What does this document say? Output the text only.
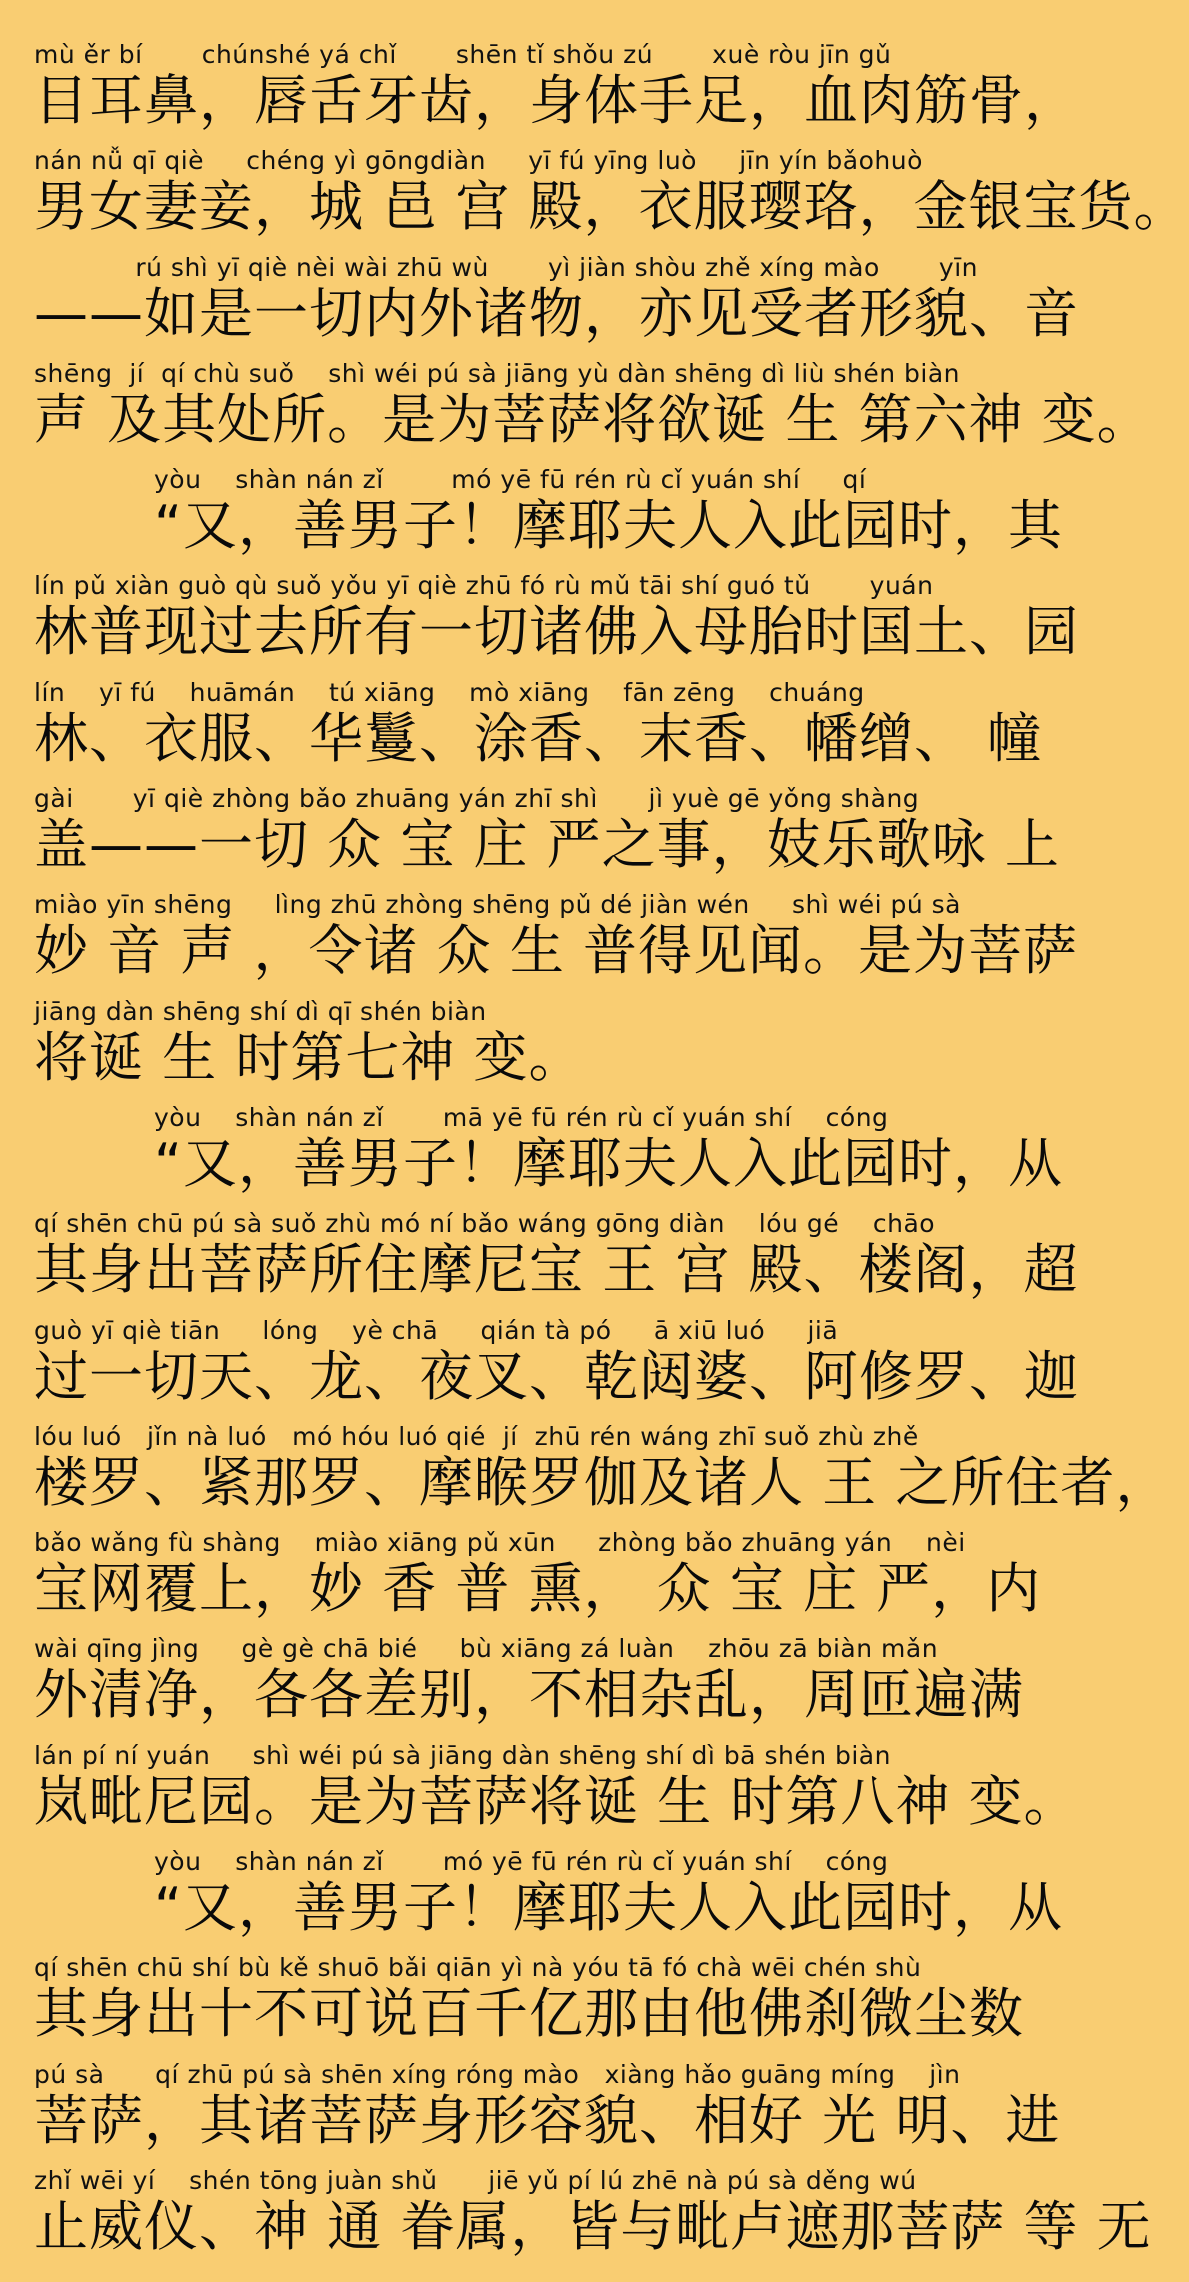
mù ěr bí       chúnshé yá chǐ       shēn tǐ shǒu zú       xuè ròu jīn gǔ
目耳鼻，唇舌牙齿，身体手足，血肉筋骨，
nán nǚ qī qiè     chéng yì gōngdiàn     yī fú yīng luò     jīn yín bǎohuò
男女妻妾，城 邑 宫 殿，衣服璎珞，金银宝货。
rú shì yī qiè nèi wài zhū wù       yì jiàn shòu zhě xíng mào       yīn
——如是一切内外诸物，亦见受者形貌、音
shēng  jí  qí chù suǒ    shì wéi pú sà jiāng yù dàn shēng dì liù shén biàn
声 及其处所。是为菩萨将欲诞 生 第六神 变。
yòu    shàn nán zǐ        mó yē fū rén rù cǐ yuán shí     qí
“又，善男子！摩耶夫人入此园时，其
lín pǔ xiàn guò qù suǒ yǒu yī qiè zhū fó rù mǔ tāi shí guó tǔ       yuán
林普现过去所有一切诸佛入母胎时国土、园
lín    yī fú    huāmán    tú xiāng    mò xiāng    fān zēng    chuáng
林、衣服、华鬘、涂香、末香、幡缯、 幢
gài       yī qiè zhòng bǎo zhuāng yán zhī shì      jì yuè gē yǒng shàng
盖——一切 众 宝 庄 严之事，妓乐歌咏 上
miào yīn shēng     lìng zhū zhòng shēng pǔ dé jiàn wén     shì wéi pú sà
妙 音 声 ，令诸 众 生 普得见闻。是为菩萨
jiāng dàn shēng shí dì qī shén biàn
将诞 生 时第七神 变。
yòu    shàn nán zǐ       mā yē fū rén rù cǐ yuán shí    cóng
“又，善男子！摩耶夫人入此园时，从
qí shēn chū pú sà suǒ zhù mó ní bǎo wáng gōng diàn    lóu gé    chāo
其身出菩萨所住摩尼宝 王 宫 殿、楼阁，超
guò yī qiè tiān     lóng    yè chā     qián tà pó     ā xiū luó     jiā
过一切天、龙、夜叉、乾闼婆、阿修罗、迦
lóu luó   jǐn nà luó   mó hóu luó qié  jí  zhū rén wáng zhī suǒ zhù zhě
楼罗、紧那罗、摩睺罗伽及诸人 王 之所住者，
bǎo wǎng fù shàng    miào xiāng pǔ xūn     zhòng bǎo zhuāng yán    nèi
宝网覆上，妙 香 普 熏， 众 宝 庄 严，内
wài qīng jìng     gè gè chā bié     bù xiāng zá luàn    zhōu zā biàn mǎn
外清净，各各差别，不相杂乱，周匝遍满
lán pí ní yuán     shì wéi pú sà jiāng dàn shēng shí dì bā shén biàn
岚毗尼园。是为菩萨将诞 生 时第八神 变。
yòu    shàn nán zǐ       mó yē fū rén rù cǐ yuán shí    cóng
“又，善男子！摩耶夫人入此园时，从
qí shēn chū shí bù kě shuō bǎi qiān yì nà yóu tā fó chà wēi chén shù
其身出十不可说百千亿那由他佛刹微尘数
pú sà      qí zhū pú sà shēn xíng róng mào   xiàng hǎo guāng míng    jìn
菩萨，其诸菩萨身形容貌、相好 光 明、进
zhǐ wēi yí    shén tōng juàn shǔ      jiē yǔ pí lú zhē nà pú sà děng wú
止威仪、神 通 眷属，皆与毗卢遮那菩萨 等 无
